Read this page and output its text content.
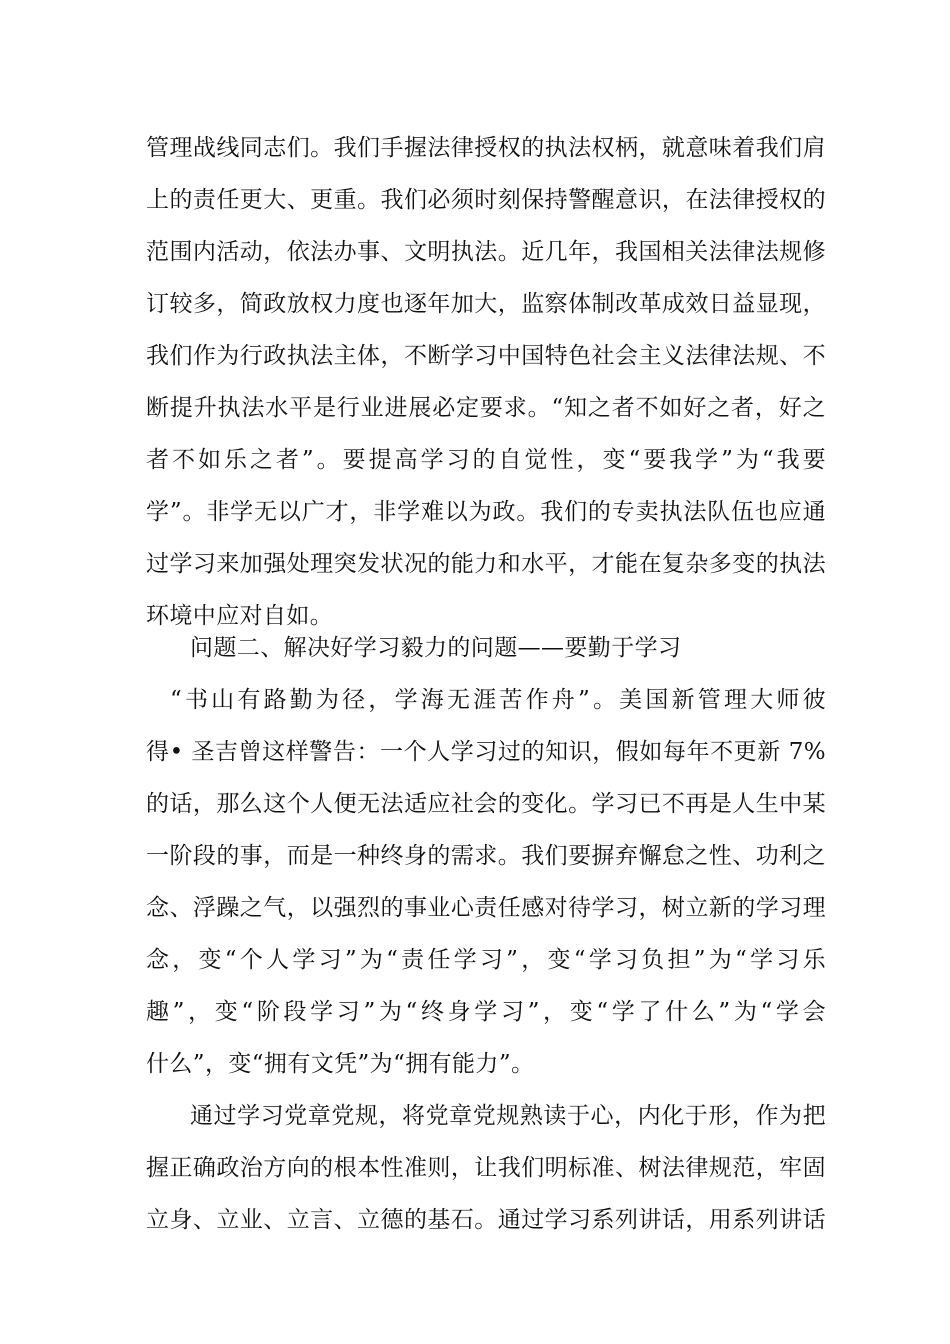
管理战线同志们。我们手握法律授权的执法权柄，就意味着我们肩
上的责任更大、更重。我们必须时刻保持警醒意识，在法律授权的
范围内活动，依法办事、文明执法。近几年，我国相关法律法规修
订较多，简政放权力度也逐年加大，监察体制改革成效日益显现，
我们作为行政执法主体，不断学习中国特色社会主义法律法规、不
断提升执法水平是行业进展必定要求。“知之者不如好之者，好之
者不如乐之者”。要提高学习的自觉性，变“要我学”为“我要
学”。非学无以广才，非学难以为政。我们的专卖执法队伍也应通
过学习来加强处理突发状况的能力和水平，才能在复杂多变的执法
环境中应对自如。
问题二、解决好学习毅力的问题——要勤于学习
“书山有路勤为径，学海无涯苦作舟”。美国新管理大师彼
得• 圣吉曾这样警告：一个人学习过的知识，假如每年不更新 7%
的话，那么这个人便无法适应社会的变化。学习已不再是人生中某
一阶段的事，而是一种终身的需求。我们要摒弃懈怠之性、功利之
念、浮躁之气，以强烈的事业心责任感对待学习，树立新的学习理
念，变“个人学习”为“责任学习”，变“学习负担”为“学习乐
趣”，变“阶段学习”为“终身学习”，变“学了什么”为“学会
什么”，变“拥有文凭”为“拥有能力”。
通过学习党章党规，将党章党规熟读于心，内化于形，作为把
握正确政治方向的根本性准则，让我们明标准、树法律规范，牢固
立身、立业、立言、立德的基石。通过学习系列讲话，用系列讲话
